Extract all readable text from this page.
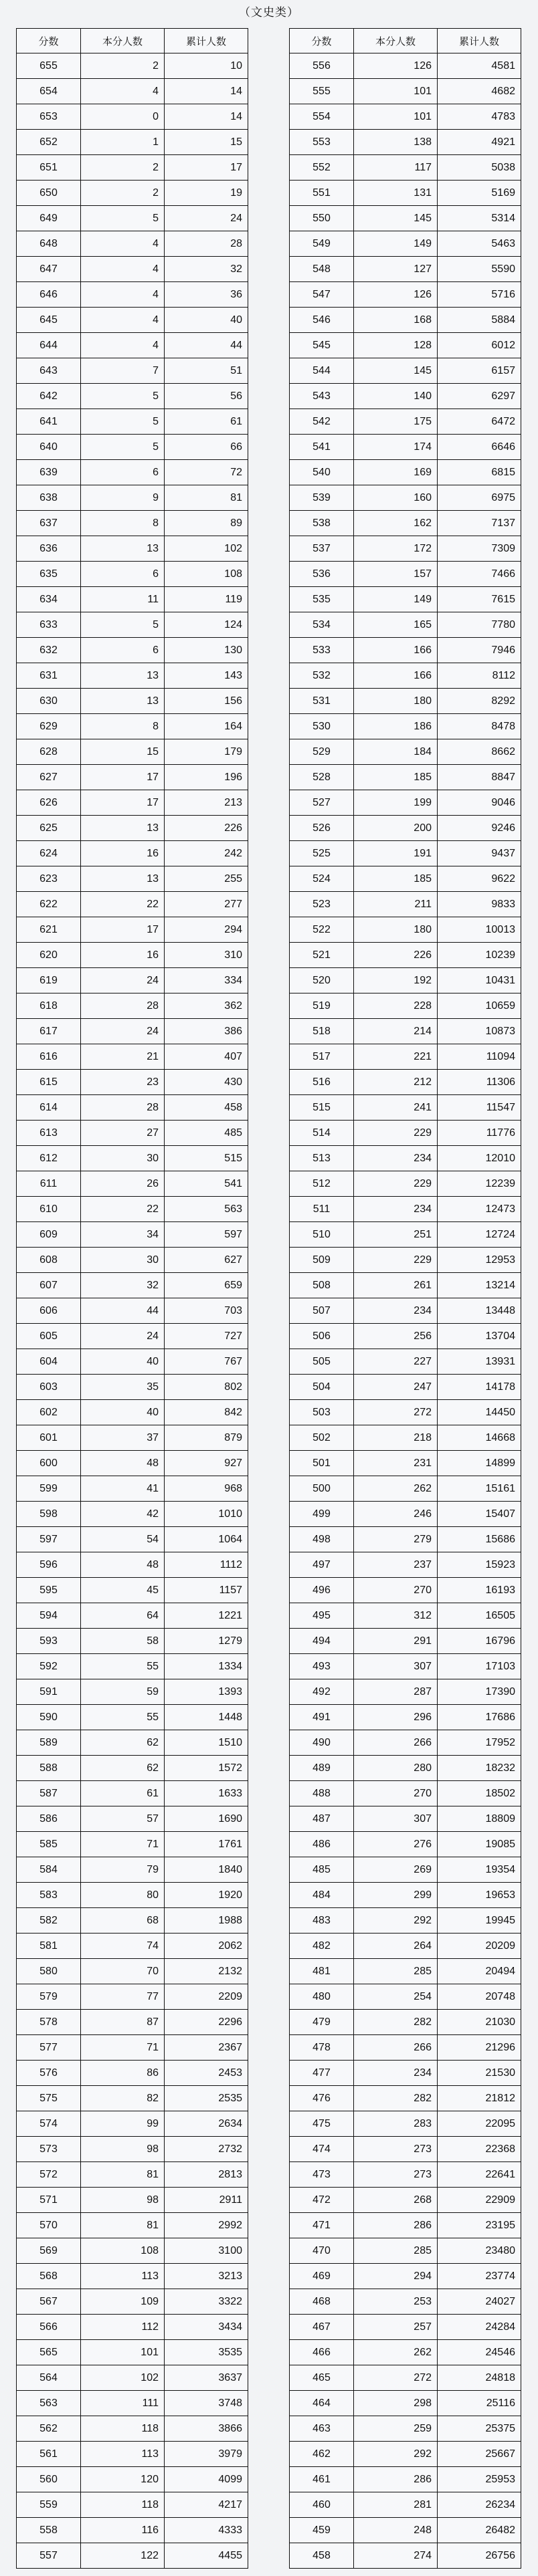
（文史类）
分数	本分人数	累计人数
655	2	10
654	4	14
653	0	14
652	1	15
651	2	17
650	2	19
649	5	24
648	4	28
647	4	32
646	4	36
645	4	40
644	4	44
643	7	51
642	5	56
641	5	61
640	5	66
639	6	72
638	9	81
637	8	89
636	13	102
635	6	108
634	11	119
633	5	124
632	6	130
631	13	143
630	13	156
629	8	164
628	15	179
627	17	196
626	17	213
625	13	226
624	16	242
623	13	255
622	22	277
621	17	294
620	16	310
619	24	334
618	28	362
617	24	386
616	21	407
615	23	430
614	28	458
613	27	485
612	30	515
611	26	541
610	22	563
609	34	597
608	30	627
607	32	659
606	44	703
605	24	727
604	40	767
603	35	802
602	40	842
601	37	879
600	48	927
599	41	968
598	42	1010
597	54	1064
596	48	1112
595	45	1157
594	64	1221
593	58	1279
592	55	1334
591	59	1393
590	55	1448
589	62	1510
588	62	1572
587	61	1633
586	57	1690
585	71	1761
584	79	1840
583	80	1920
582	68	1988
581	74	2062
580	70	2132
579	77	2209
578	87	2296
577	71	2367
576	86	2453
575	82	2535
574	99	2634
573	98	2732
572	81	2813
571	98	2911
570	81	2992
569	108	3100
568	113	3213
567	109	3322
566	112	3434
565	101	3535
564	102	3637
563	111	3748
562	118	3866
561	113	3979
560	120	4099
559	118	4217
558	116	4333
557	122	4455
分数	本分人数	累计人数
556	126	4581
555	101	4682
554	101	4783
553	138	4921
552	117	5038
551	131	5169
550	145	5314
549	149	5463
548	127	5590
547	126	5716
546	168	5884
545	128	6012
544	145	6157
543	140	6297
542	175	6472
541	174	6646
540	169	6815
539	160	6975
538	162	7137
537	172	7309
536	157	7466
535	149	7615
534	165	7780
533	166	7946
532	166	8112
531	180	8292
530	186	8478
529	184	8662
528	185	8847
527	199	9046
526	200	9246
525	191	9437
524	185	9622
523	211	9833
522	180	10013
521	226	10239
520	192	10431
519	228	10659
518	214	10873
517	221	11094
516	212	11306
515	241	11547
514	229	11776
513	234	12010
512	229	12239
511	234	12473
510	251	12724
509	229	12953
508	261	13214
507	234	13448
506	256	13704
505	227	13931
504	247	14178
503	272	14450
502	218	14668
501	231	14899
500	262	15161
499	246	15407
498	279	15686
497	237	15923
496	270	16193
495	312	16505
494	291	16796
493	307	17103
492	287	17390
491	296	17686
490	266	17952
489	280	18232
488	270	18502
487	307	18809
486	276	19085
485	269	19354
484	299	19653
483	292	19945
482	264	20209
481	285	20494
480	254	20748
479	282	21030
478	266	21296
477	234	21530
476	282	21812
475	283	22095
474	273	22368
473	273	22641
472	268	22909
471	286	23195
470	285	23480
469	294	23774
468	253	24027
467	257	24284
466	262	24546
465	272	24818
464	298	25116
463	259	25375
462	292	25667
461	286	25953
460	281	26234
459	248	26482
458	274	26756
